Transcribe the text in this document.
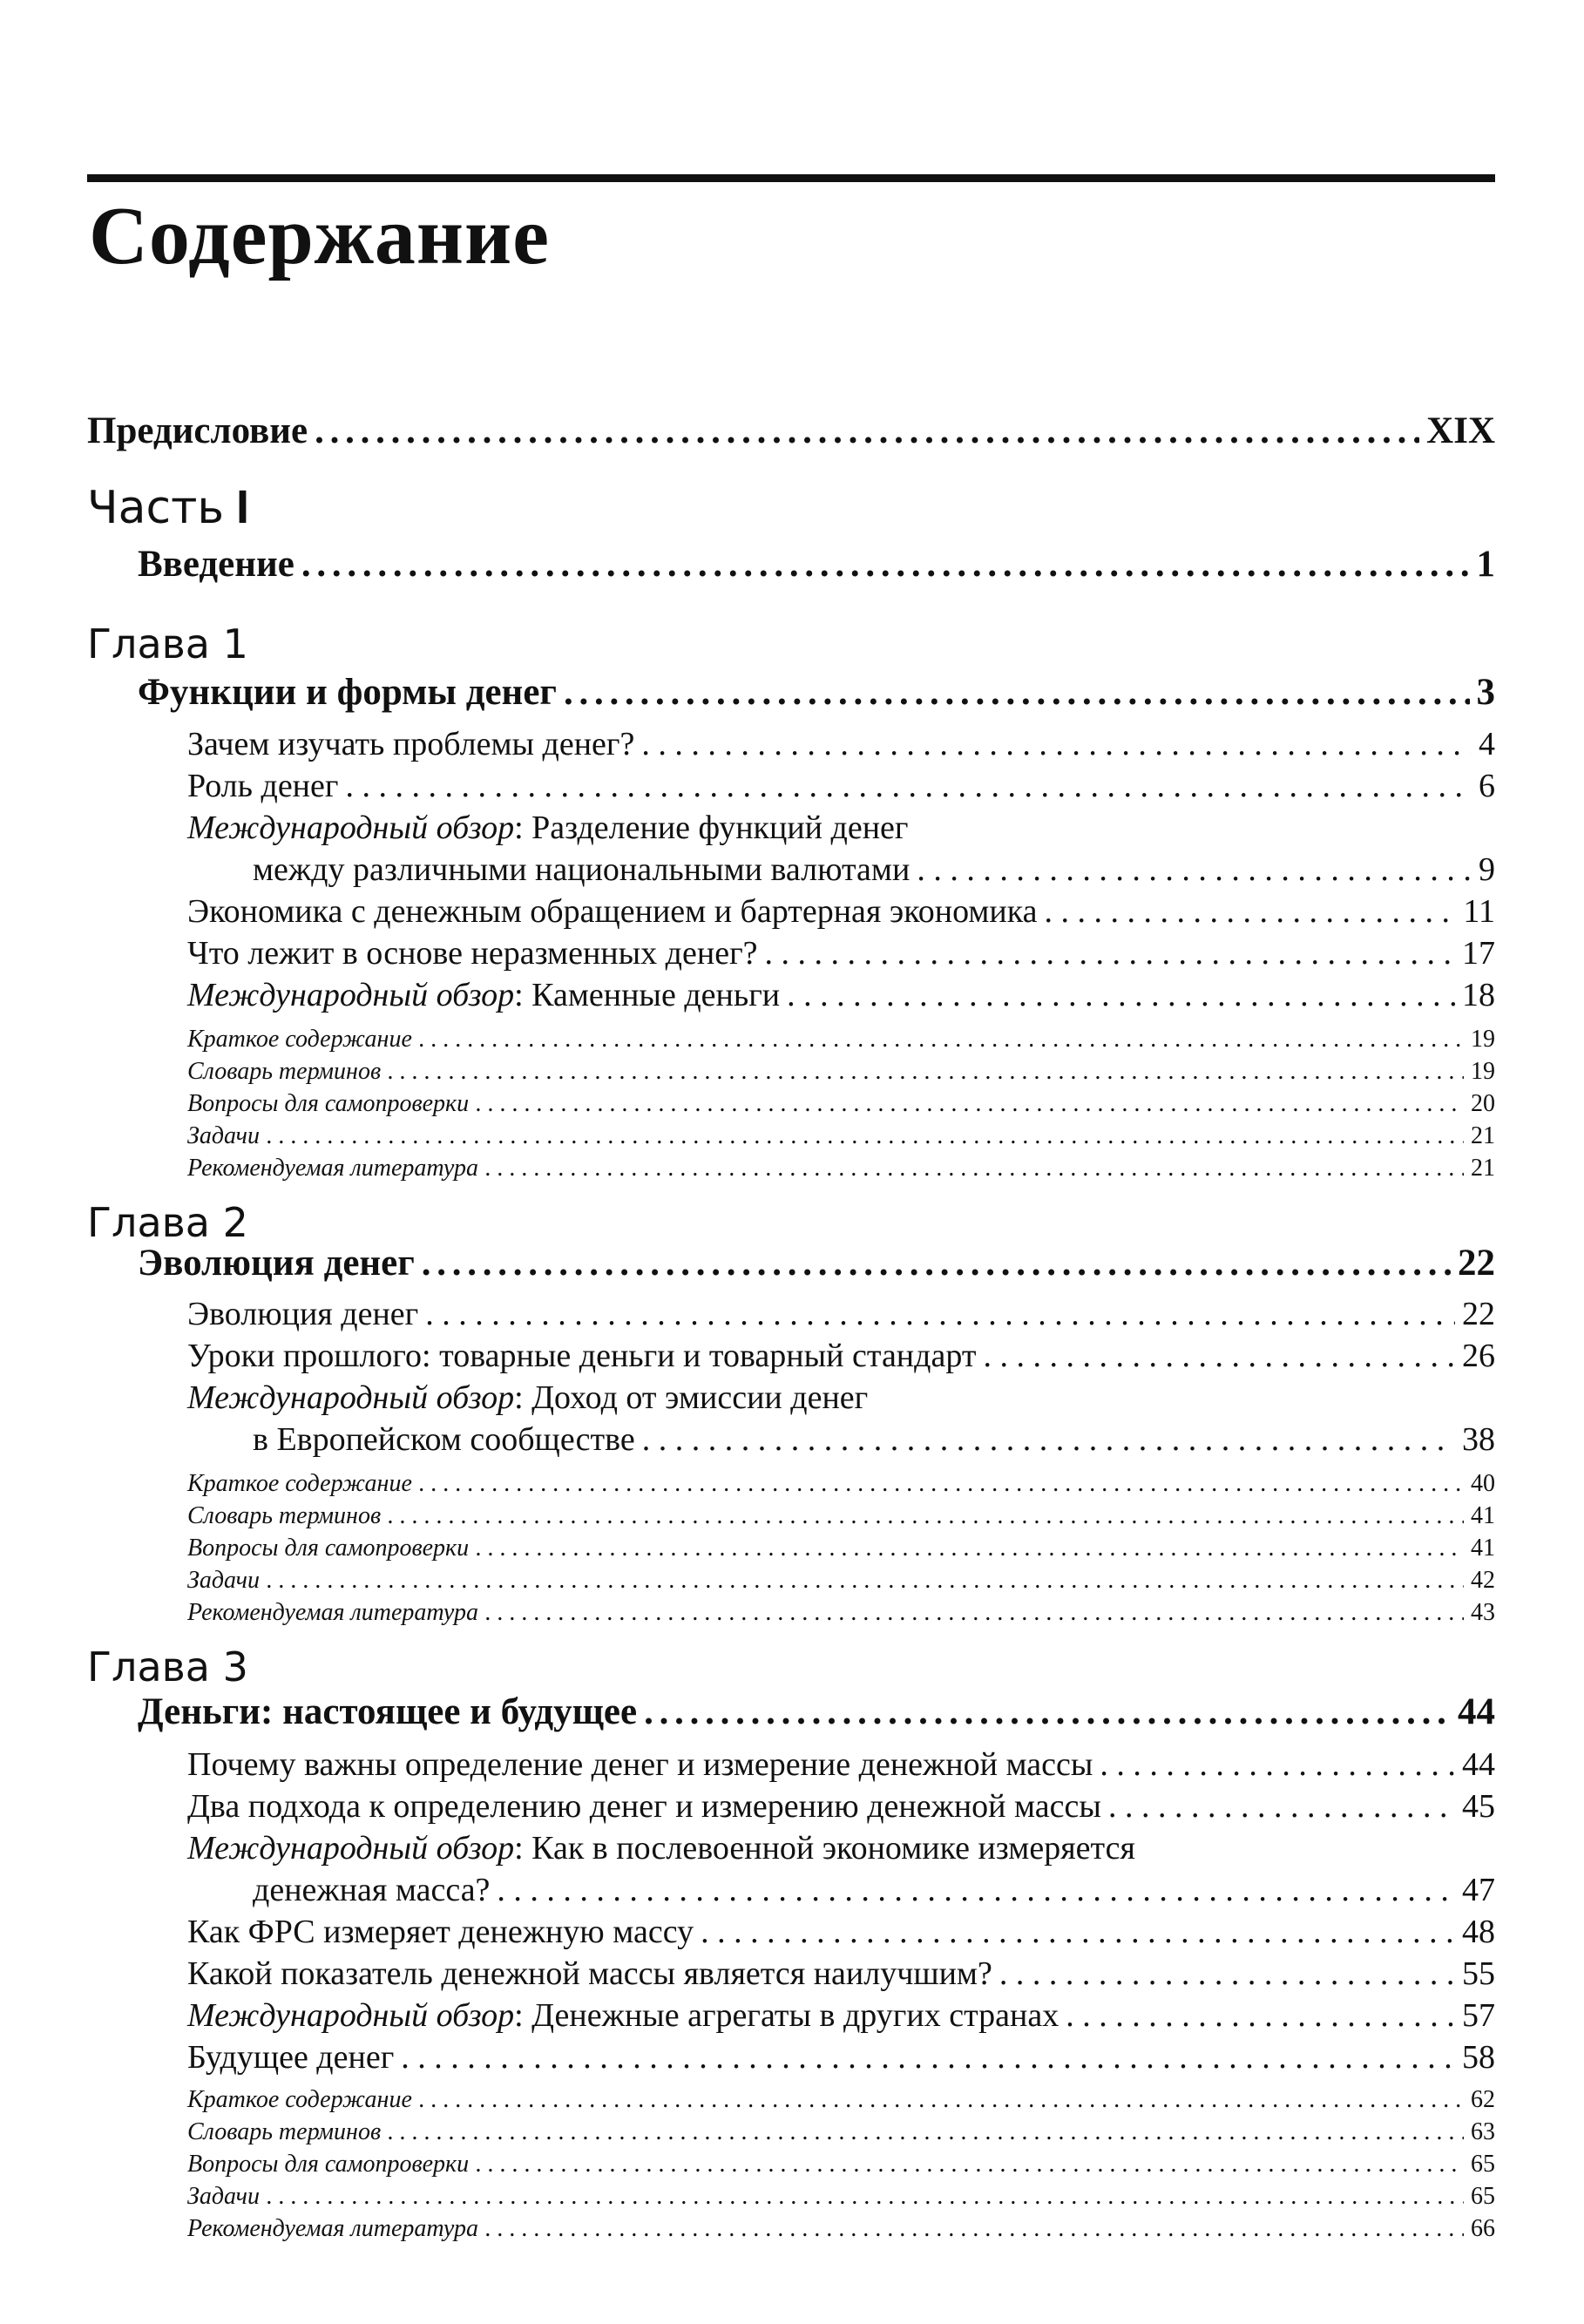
Содержание
Предисловие . . .	XIX
Часть I
Введение . . .	1
Глава 1
Функции и формы денег . . .	3
Зачем изучать проблемы денег? . . .	4
Роль денег . . .	6
Международный обзор: Разделение функций денег
между различными национальными валютами . . .	9
Экономика с денежным обращением и бартерная экономика . . .	11
Что лежит в основе неразменных денег? . . .	17
Международный обзор: Каменные деньги . . .	18
Краткое содержание . . .	19
Словарь терминов . . .	19
Вопросы для самопроверки . . .	20
Задачи . . .	21
Рекомендуемая литература . . .	21
Глава 2
Эволюция денег . . .	22
Эволюция денег . . .	22
Уроки прошлого: товарные деньги и товарный стандарт . . .	26
Международный обзор: Доход от эмиссии денег
в Европейском сообществе . . .	38
Краткое содержание . . .	40
Словарь терминов . . .	41
Вопросы для самопроверки . . .	41
Задачи . . .	42
Рекомендуемая литература . . .	43
Глава 3
Деньги: настоящее и будущее . . .	44
Почему важны определение денег и измерение денежной массы . . .	44
Два подхода к определению денег и измерению денежной массы . . .	45
Международный обзор: Как в послевоенной экономике измеряется
денежная масса? . . .	47
Как ФРС измеряет денежную массу . . .	48
Какой показатель денежной массы является наилучшим? . . .	55
Международный обзор: Денежные агрегаты в других странах . . .	57
Будущее денег . . .	58
Краткое содержание . . .	62
Словарь терминов . . .	63
Вопросы для самопроверки . . .	65
Задачи . . .	65
Рекомендуемая литература . . .	66
